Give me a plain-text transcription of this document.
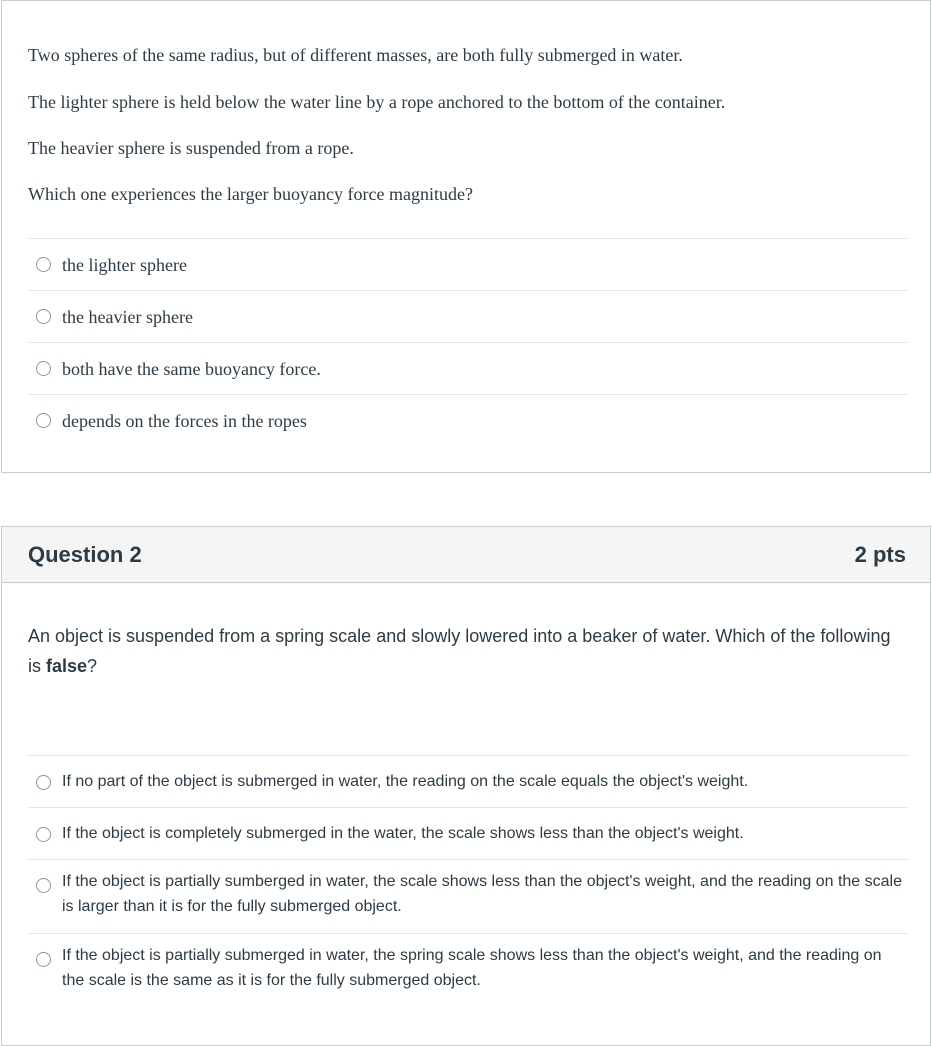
Two spheres of the same radius, but of different masses, are both fully submerged in water.

The lighter sphere is held below the water line by a rope anchored to the bottom of the container.

The heavier sphere is suspended from a rope.

Which one experiences the larger buoyancy force magnitude?

the lighter sphere
the heavier sphere
both have the same buoyancy force.
depends on the forces in the ropes
Question 2	2 pts

An object is suspended from a spring scale and slowly lowered into a beaker of water. Which of the following is false?

If no part of the object is submerged in water, the reading on the scale equals the object's weight.
If the object is completely submerged in the water, the scale shows less than the object's weight.
If the object is partially sumberged in water, the scale shows less than the object's weight, and the reading on the scale is larger than it is for the fully submerged object.
If the object is partially submerged in water, the spring scale shows less than the object's weight, and the reading on the scale is the same as it is for the fully submerged object.
